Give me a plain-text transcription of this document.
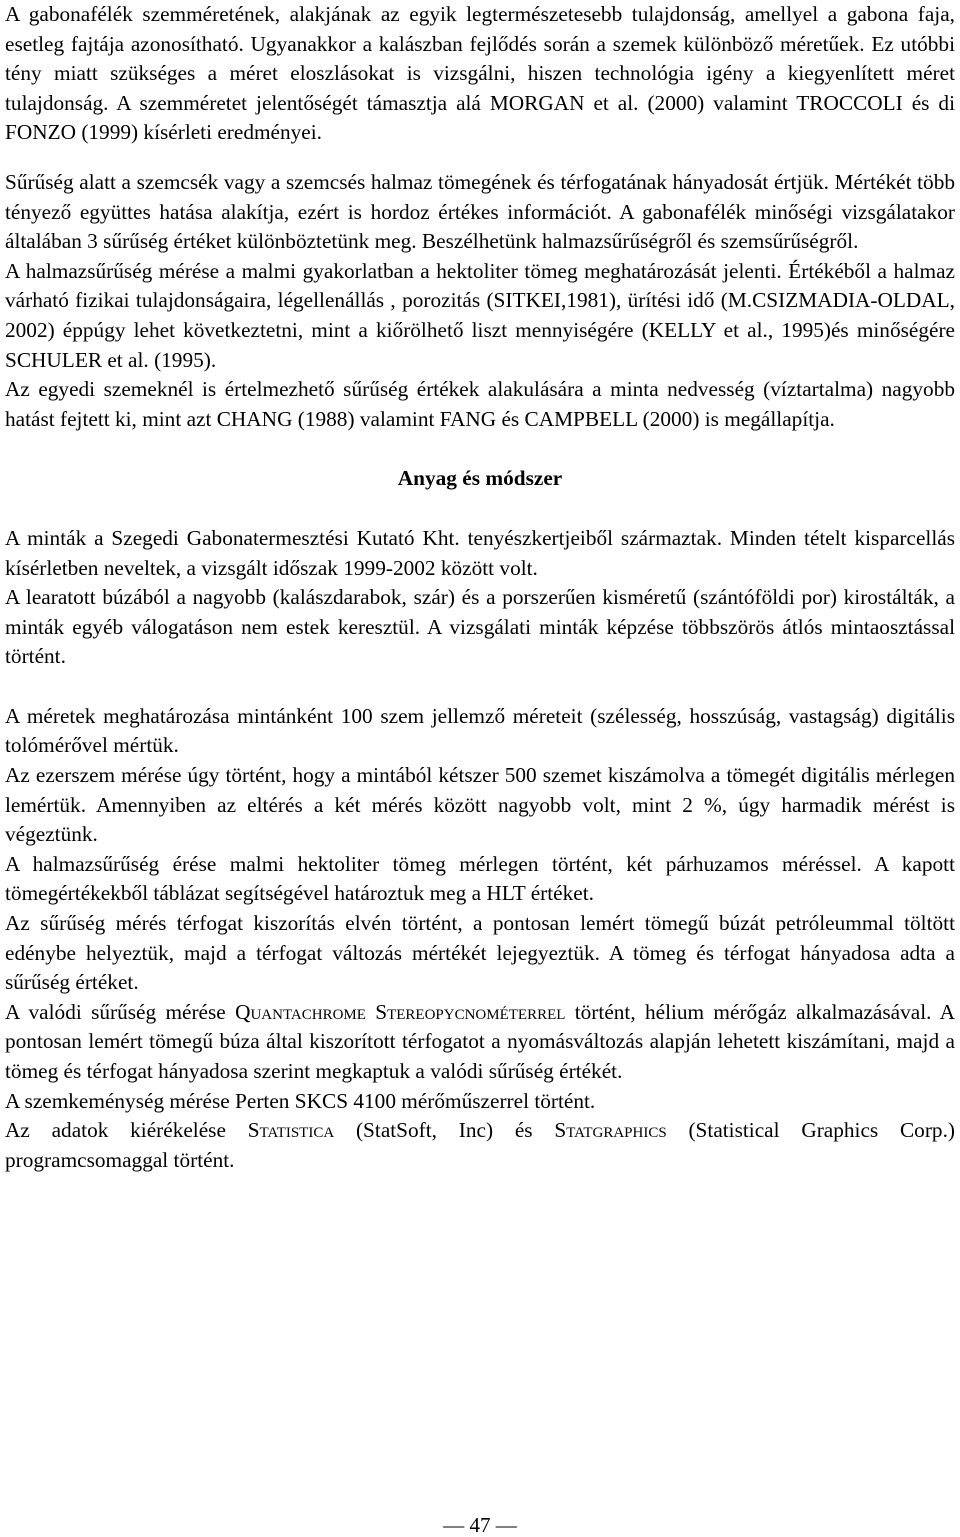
A gabonafélék szemméretének, alakjának az egyik legtermészetesebb tulajdonság, amellyel a gabona faja, esetleg fajtája azonosítható. Ugyanakkor a kalászban fejlődés során a szemek különböző méretűek. Ez utóbbi tény miatt szükséges a méret eloszlásokat is vizsgálni, hiszen technológia igény a kiegyenlített méret tulajdonság. A szemméretet jelentőségét támasztja alá MORGAN et al. (2000) valamint TROCCOLI és di FONZO (1999) kísérleti eredményei.

Sűrűség alatt a szemcsék vagy a szemcsés halmaz tömegének és térfogatának hányadosát értjük. Mértékét több tényező együttes hatása alakítja, ezért is hordoz értékes információt. A gabonafélék minőségi vizsgálatakor általában 3 sűrűség értéket különböztetünk meg. Beszélhetünk halmazsűrűségről és szemsűrűségről.

A halmazsűrűség mérése a malmi gyakorlatban a hektoliter tömeg meghatározását jelenti. Értékéből a halmaz várható fizikai tulajdonságaira, légellenállás , porozitás (SITKEI,1981), ürítési idő (M.CSIZMADIA-OLDAL, 2002) éppúgy lehet következtetni, mint a kiőrölhető liszt mennyiségére (KELLY et al., 1995)és minőségére SCHULER et al. (1995).

Az egyedi szemeknél is értelmezhető sűrűség értékek alakulására a minta nedvesség (víztartalma) nagyobb hatást fejtett ki, mint azt CHANG (1988) valamint FANG és CAMPBELL (2000) is megállapítja.

Anyag és módszer

A minták a Szegedi Gabonatermesztési Kutató Kht. tenyészkertjeiből származtak. Minden tételt kisparcellás kísérletben neveltek, a vizsgált időszak 1999-2002 között volt.

A learatott búzából a nagyobb (kalászdarabok, szár) és a porszerűen kisméretű (szántóföldi por) kirostálták, a minták egyéb válogatáson nem estek keresztül. A vizsgálati minták képzése többszörös átlós mintaosztással történt.

A méretek meghatározása mintánként 100 szem jellemző méreteit (szélesség, hosszúság, vastagság) digitális tolómérővel mértük.

Az ezerszem mérése úgy történt, hogy a mintából kétszer 500 szemet kiszámolva a tömegét digitális mérlegen lemértük. Amennyiben az eltérés a két mérés között nagyobb volt, mint 2 %, úgy harmadik mérést is végeztünk.

A halmazsűrűség érése malmi hektoliter tömeg mérlegen történt, két párhuzamos méréssel. A kapott tömegértékekből táblázat segítségével határoztuk meg a HLT értéket.

Az sűrűség mérés térfogat kiszorítás elvén történt, a pontosan lemért tömegű búzát petróleummal töltött edénybe helyeztük, majd a térfogat változás mértékét lejegyeztük. A tömeg és térfogat hányadosa adta a sűrűség értéket.

A valódi sűrűség mérése Quantachrome Stereopycnométerrel történt, hélium mérőgáz alkalmazásával. A pontosan lemért tömegű búza által kiszorított térfogatot a nyomásváltozás alapján lehetett kiszámítani, majd a tömeg és térfogat hányadosa szerint megkaptuk a valódi sűrűség értékét.

A szemkeménység mérése Perten SKCS 4100 mérőműszerrel történt.

Az adatok kiérékelése Statistica (StatSoft, Inc) és Statgraphics (Statistical Graphics Corp.) programcsomaggal történt.

— 47 —
